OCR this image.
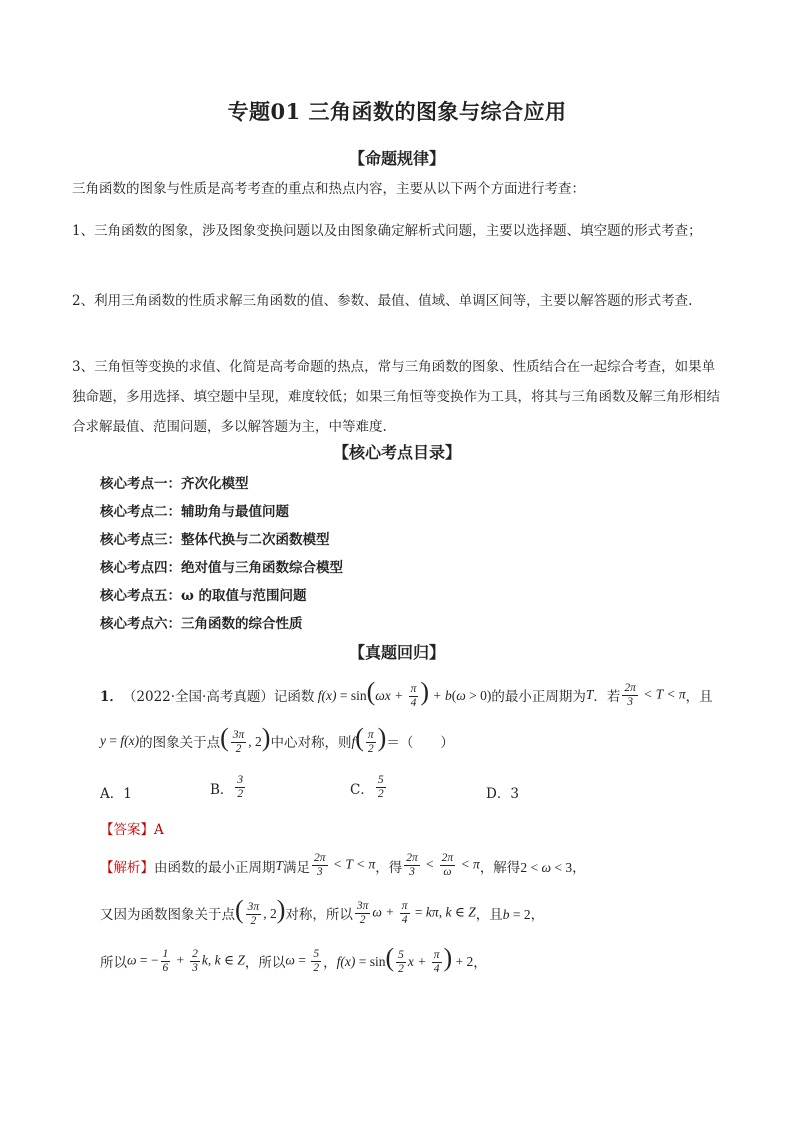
专题01 三角函数的图象与综合应用
【命题规律】
三角函数的图象与性质是高考考查的重点和热点内容，主要从以下两个方面进行考查：
1、三角函数的图象，涉及图象变换问题以及由图象确定解析式问题，主要以选择题、填空题的形式考查；
2、利用三角函数的性质求解三角函数的值、参数、最值、值域、单调区间等，主要以解答题的形式考查.
3、三角恒等变换的求值、化简是高考命题的热点，常与三角函数的图象、性质结合在一起综合考查，如果单独命题，多用选择、填空题中呈现，难度较低；如果三角恒等变换作为工具，将其与三角函数及解三角形相结合求解最值、范围问题，多以解答题为主，中等难度.
【核心考点目录】
核心考点一：齐次化模型
核心考点二：辅助角与最值问题
核心考点三：整体代换与二次函数模型
核心考点四：绝对值与三角函数综合模型
核心考点五：ω 的取值与范围问题
核心考点六：三角函数的综合性质
【真题回归】
1． （2022·全国·高考真题） 记函数 $f(x) = \sin(\omega x + \frac{\pi}{4}$ ) + b(ω > 0) 的最小正周期为 T ．若 $\frac{2\pi}{3} < T < \pi$ ，且
y = f(x) 的图象关于点 ( $\frac{3\pi}{2}$ , 2) 中心对称，则 $f( \frac{\pi}{2}$ ) ＝（　　）
A．1	B． $\frac{3}{2}$	C． $\frac{5}{2}$	D．3
【答案】A
【解析】 由函数的最小正周期 T 满足 $\frac{2\pi}{3} < T < \pi$ ，得 $\frac{2\pi}{3} < \frac{2\pi}{\omega} < \pi$ ，解得 2 < ω < 3，
又因为函数图象关于点 ( $\frac{3\pi}{2}$ , 2) 对称，所以 $\frac{3\pi}{2}$ $\omega + \frac{\pi}{4} = k\pi$, k ∈ Z ，且 b = 2，
所以 ω = − $\frac{1}{6} + \frac{2}{3} k$, k ∈ Z ，所以 $\omega = \frac{5}{2}$ ， $f(x) = \sin( \frac{5}{2}$ $x + \frac{\pi}{4}$ ) + 2 ，
